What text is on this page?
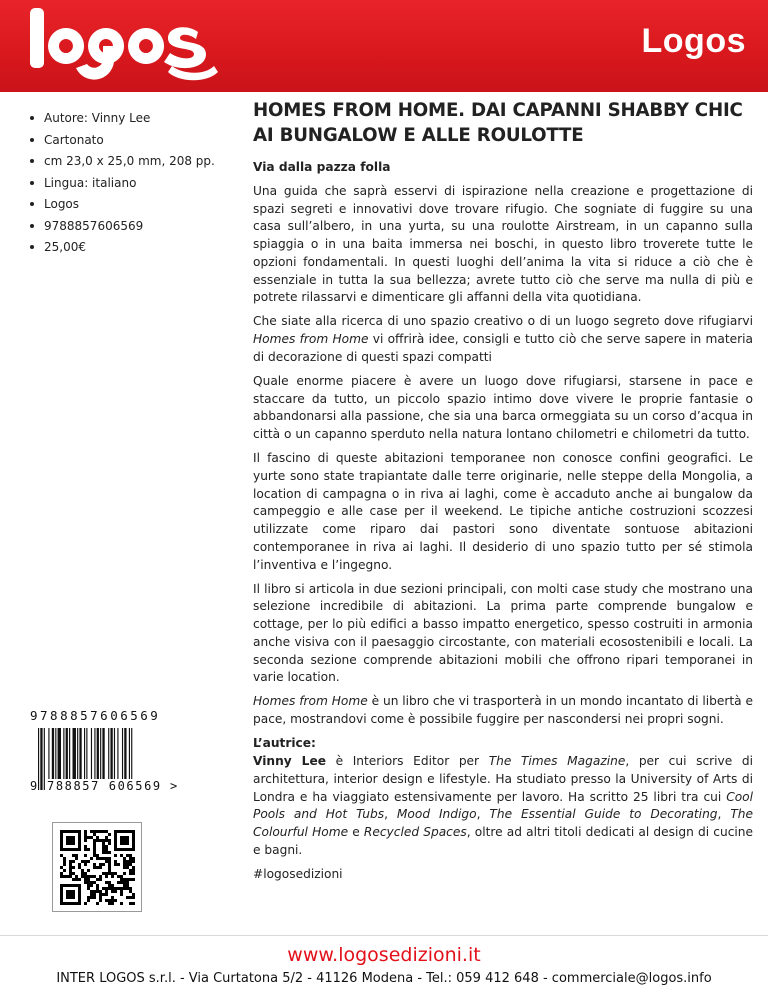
Logos
Autore: Vinny Lee
Cartonato
cm 23,0 x 25,0 mm, 208 pp.
Lingua: italiano
Logos
9788857606569
25,00€
9788857606569
9 788857 606569 >
HOMES FROM HOME. DAI CAPANNI SHABBY CHIC AI BUNGALOW E ALLE ROULOTTE
Via dalla pazza folla

Una guida che saprà esservi di ispirazione nella creazione e progettazione di spazi segreti e innovativi dove trovare rifugio. Che sogniate di fuggire su una casa sull’albero, in una yurta, su una roulotte Airstream, in un capanno sulla spiaggia o in una baita immersa nei boschi, in questo libro troverete tutte le opzioni fondamentali. In questi luoghi dell’anima la vita si riduce a ciò che è essenziale in tutta la sua bellezza; avrete tutto ciò che serve ma nulla di più e potrete rilassarvi e dimenticare gli affanni della vita quotidiana.

Che siate alla ricerca di uno spazio creativo o di un luogo segreto dove rifugiarvi Homes from Home vi offrirà idee, consigli e tutto ciò che serve sapere in materia di decorazione di questi spazi compatti

Quale enorme piacere è avere un luogo dove rifugiarsi, starsene in pace e staccare da tutto, un piccolo spazio intimo dove vivere le proprie fantasie o abbandonarsi alla passione, che sia una barca ormeggiata su un corso d’acqua in città o un capanno sperduto nella natura lontano chilometri e chilometri da tutto.

Il fascino di queste abitazioni temporanee non conosce confini geografici. Le yurte sono state trapiantate dalle terre originarie, nelle steppe della Mongolia, a location di campagna o in riva ai laghi, come è accaduto anche ai bungalow da campeggio e alle case per il weekend. Le tipiche antiche costruzioni scozzesi utilizzate come riparo dai pastori sono diventate sontuose abitazioni contemporanee in riva ai laghi. Il desiderio di uno spazio tutto per sé stimola l’inventiva e l’ingegno.

Il libro si articola in due sezioni principali, con molti case study che mostrano una selezione incredibile di abitazioni. La prima parte comprende bungalow e cottage, per lo più edifici a basso impatto energetico, spesso costruiti in armonia anche visiva con il paesaggio circostante, con materiali ecosostenibili e locali. La seconda sezione comprende abitazioni mobili che offrono ripari temporanei in varie location.

Homes from Home è un libro che vi trasporterà in un mondo incantato di libertà e pace, mostrandovi come è possibile fuggire per nascondersi nei propri sogni.

L’autrice:

Vinny Lee è Interiors Editor per The Times Magazine, per cui scrive di architettura, interior design e lifestyle. Ha studiato presso la University of Arts di Londra e ha viaggiato estensivamente per lavoro. Ha scritto 25 libri tra cui Cool Pools and Hot Tubs, Mood Indigo, The Essential Guide to Decorating, The Colourful Home e Recycled Spaces, oltre ad altri titoli dedicati al design di cucine e bagni.

#logosedizioni
www.logosedizioni.it
INTER LOGOS s.r.l. - Via Curtatona 5/2 - 41126 Modena - Tel.: 059 412 648 - commerciale@logos.info
